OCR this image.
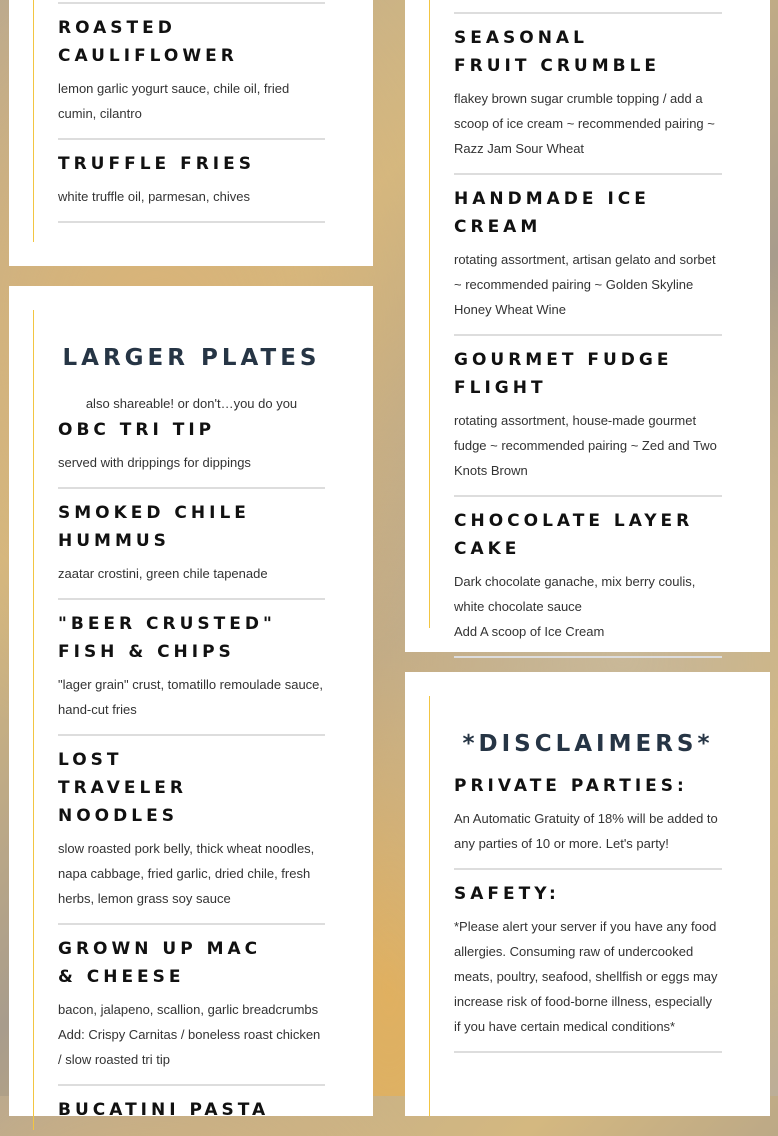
ROASTED CAULIFLOWER

lemon garlic yogurt sauce, chile oil, fried cumin, cilantro

TRUFFLE FRIES

white truffle oil, parmesan, chives

LARGER PLATES

also shareable! or don't…you do you

OBC TRI TIP

served with drippings for dippings

SMOKED CHILE HUMMUS

zaatar crostini, green chile tapenade

"BEER CRUSTED" FISH & CHIPS

"lager grain" crust, tomatillo remoulade sauce, hand-cut fries

LOST TRAVELER NOODLES

slow roasted pork belly, thick wheat noodles, napa cabbage, fried garlic, dried chile, fresh herbs, lemon grass soy sauce

GROWN UP MAC & CHEESE

bacon, jalapeno, scallion, garlic breadcrumbs

Add: Crispy Carnitas / boneless roast chicken / slow roasted tri tip

BUCATINI PASTA

SEASONAL FRUIT CRUMBLE

flakey brown sugar crumble topping / add a scoop of ice cream ~ recommended pairing ~ Razz Jam Sour Wheat

HANDMADE ICE CREAM

rotating assortment, artisan gelato and sorbet ~ recommended pairing ~ Golden Skyline Honey Wheat Wine

GOURMET FUDGE FLIGHT

rotating assortment, house-made gourmet fudge ~ recommended pairing ~ Zed and Two Knots Brown

CHOCOLATE LAYER CAKE

Dark chocolate ganache, mix berry coulis, white chocolate sauce

Add A scoop of Ice Cream

*DISCLAIMERS*

PRIVATE PARTIES:

An Automatic Gratuity of 18% will be added to any parties of 10 or more. Let's party!

SAFETY:

*Please alert your server if you have any food allergies. Consuming raw of undercooked meats, poultry, seafood, shellfish or eggs may increase risk of food-borne illness, especially if you have certain medical conditions*
